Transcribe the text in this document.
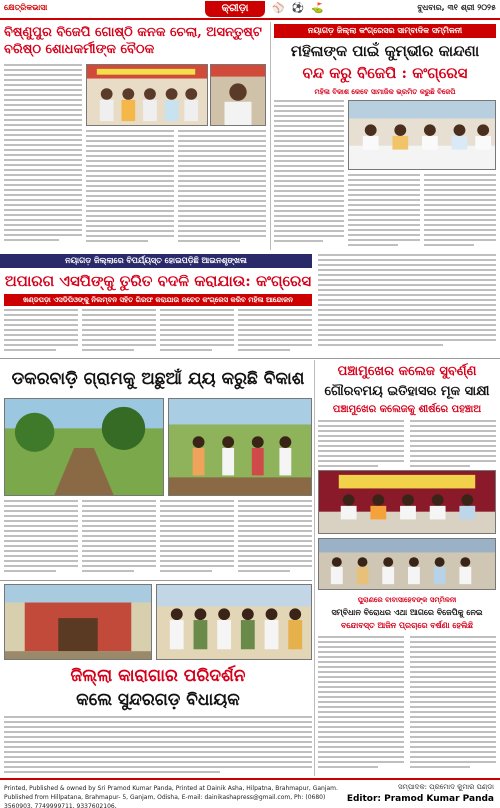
କ୍ଷେତ୍ରିକଭାସା	କ୍ରୀଡ଼ା	⚾ ⚽ ⛳	ବୁଧବାର, ୩୧ ଶ୍ରୀ ୨୦୨୫
ବିଷ୍ଣୁପୁର ବିଜେପି ଗୋଷ୍ଠି କନକ ଚେଲା, ଅସନ୍ତୁଷ୍ଟ ବରିଷ୍ଠ ଶୋଧକର୍ମୀଙ୍କ ବୈଠକ
ନୟାଗଡ଼ ଜିଲ୍ଲା କଂଗ୍ରେସର ସାମ୍ବାଦିକ ସମ୍ମିଳନୀ
ମହିଳାଙ୍କ ପାଇଁ କୁମ୍ଭୀର କାନ୍ଦଣା
ବନ୍ଦ କରୁ ବିଜେପି : କଂଗ୍ରେସ
ମହିଳା ବିକାଶ କେବେ ସାମାଜିକ ଭ୍ରମିତ କରୁଛି ବିଜେପି
ନୟାଗଡ଼ ଜିଲ୍ଲାରେ ବିପର୍ଯ୍ୟସ୍ତ ହୋଇପଡ଼ିଛି ଆଇନଶୃଙ୍ଖଳା
ଅପାରଗ ଏସପିଙ୍କୁ ତୁରିତ ବଦଳି କରାଯାଉ: କଂଗ୍ରେସ
ଖଣ୍ଡପଡ଼ା ଏସଡିପିଓଙ୍କୁ ନିଲମ୍ବନ ସହିତ ଗିରଫ କରାଯାଉ ନଚେତ କଂଗ୍ରେସ କରିବ ମହିଳା ଆନ୍ଦୋଳନ
ପଞ୍ଚାମୁଖେର କଲେଜ ସୁବର୍ଣ୍ଣ
ଗୌରବମୟ ଇତିହାସର ମୂକ ସାକ୍ଷୀ
ପଞ୍ଚାମୁଖେର କଲେଜକୁ ଶୀର୍ଷରେ ପହଞ୍ଚାଅ
ଡକରବାଡ଼ି ଗ୍ରାମକୁ ଅଛୁଆଁ ଯ୍ୟ କରୁଛି ବିକାଶ
ପୁରାଣରେ ବାବାସାହେବଙ୍କ ସମ୍ମିଳନୀ
ସମ୍ବିଧାନ ବିରୋଧର ଏଥା ଆଗରେ ବିଜେପିକୁ ନେଇ
ବନ୍ଦୋବସ୍ତ ଆଜିନ ପ୍ରଚାରେ ବର୍ଷଣା ହେଲିଛି
ଜିଲ୍ଲା କାରାଗାର ପରିଦର୍ଶନ
କଲେ ସୁନ୍ଦରଗଡ଼ ବିଧାୟକ
Printed, Published & owned by Sri Pramod Kumar Panda, Printed at Dainik Asha, Hilpatna, Brahmapur, Ganjam.
Published from Hillpatana, Brahmapur- 5, Ganjam, Odisha, E-mail: dainikashapress@gmail.com, Ph: (0680) 3560903, 7749999711, 9337602106,
ସମ୍ପାଦକ: ପ୍ରମୋଦ କୁମାର ପଣ୍ଡା
Editor: Pramod Kumar Panda
